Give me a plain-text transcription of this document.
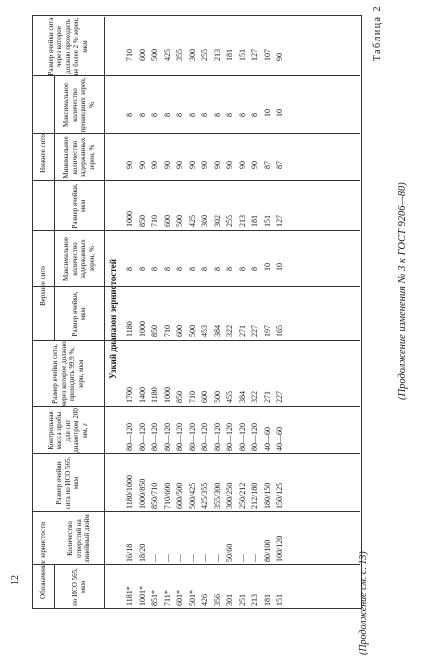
(Продолжение изменения № 3 к ГОСТ 9206—80)
Таблица 2
(Продолжение см. с. 13)
12	Обозначение зернистости	по ИСО 565, мкм
Количество отверстий на линейный дюйм
Размер ячейки сита по ИСО 565, мкм
Контрольная масса пробы для сит диаметром 200 мм, г
Размер ячейки сита, через которое должно проходить 99,9 %, зерн, мкм
Верхнее сито
Размер ячейки, мкм
Максимальное количество задержанных зерен, %
Нижнее сито
Размер ячейки, мкм
Минимальное количество задержанных зерен, %
Максимальное количество прошедших зерен, %
Размер ячейки сита через которое должно проходить не более 2 % зерен, мкм
Узкий диапазон зернистостей
1181* 1001* 851* 711* 601* 501* 426 356 301 251 213 181 151
16/18 18/20 — — — — — — 50/60 — — 80/100 100/120
1180/1000 1000/850 850/710 710/600 600/500 500/425 425/355 355/300 300/250 250/212 212/180 180/150 150/125
80—120 80—120 80—120 80—120 80—120 80—120 80—120 80—120 80—120 80—120 80—120 40—60 40—60
1700 1400 1180 1000 850 710 600 500 455 384 322 271 227
1180 1000 850 710 600 500 453 384 322 271 227 197 165
8 8 8 8 8 8 8 8 8 8 8 10 10
1000 850 710 600 500 425 360 302 255 213 181 151 127
90 90 90 90 90 90 90 90 90 90 90 87 87
8 8 8 8 8 8 8 8 8 8 8 10 10
710 600 500 425 355 300 255 213 181 151 127 107 90
